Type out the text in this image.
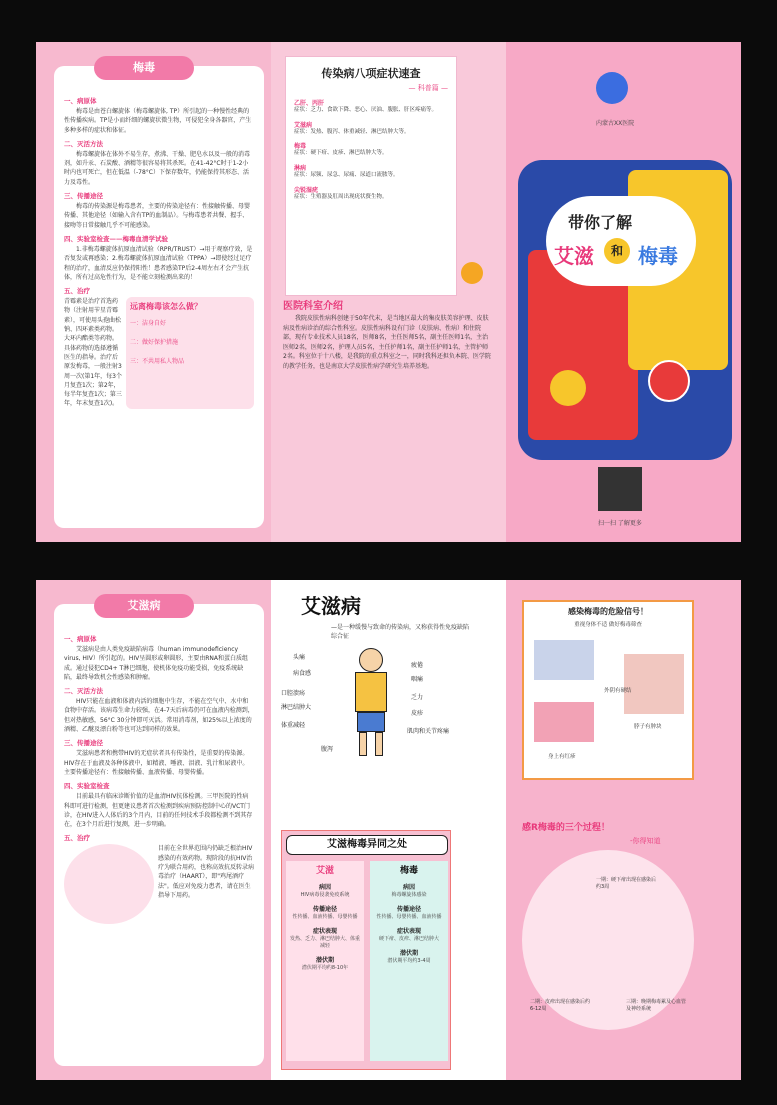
梅毒
一、病原体
梅毒是由苍白螺旋体（梅毒螺旋体, TP）所引起的一种慢性经典的性传播疾病。TP是小而纤细的螺旋状微生物，可侵犯全身各器官，产生多种多样的症状和体征。
二、灭活方法
梅毒螺旋体在体外不易生存，煮沸、干燥、肥皂水以及一般的消毒剂，如升汞、石炭酸、酒精等很容易将其杀死。在41-42°C时于1-2小时内也可死亡，但在低温（-78°C）下保存数年，仍能保持其形态、活力及毒性。
三、传播途径
梅毒的传染源是梅毒患者，主要的传染途径有：性接触传播、母婴传播、其他途径（如输入含有TP的血制品）。与梅毒患者共餐、握手、接吻等日常接触几乎不可能感染。
四、实验室检查——梅毒血清学试验
1.非梅毒螺旋体抗原血清试验（RPR/TRUST）→用于观察疗效，是否复发或再感染；2.梅毒螺旋体抗原血清试验（TPPA）→即使经过足疗程的治疗，血清反应仍保持阳性！患者感染TP后2-4周左右才会产生抗体，所有过高危性行为，是不能立刻检测出来的！
五、治疗
青霉素是治疗首选药物（注射用苄星青霉素），可使用头孢曲松钠、四环素类药物。大环内酯类等药物。具体药物的选择遵循医生的指导。治疗后原发梅毒，一般注射3周一次(第1年，每3个月复查1次；第2年，每半年复查1次；第三年，年末复查1次)。
远离梅毒该怎么做？
一：洁身自好
二：做好保护措施
三：不共用私人物品
传染病八项症状速查
— 科普篇 —
乙肝、丙肝
症状：乏力、食欲下降、恶心、厌油、腹胀、肝区疼痛等。
艾滋病
症状：发热、腹泻、体重减轻、淋巴结肿大等。
梅毒
症状：硬下疳、皮疹、淋巴结肿大等。
淋病
症状：尿频、尿急、尿痛、尿道口流脓等。
尖锐湿疣
症状：生殖器及肛周出现疣状赘生物。
医院科室介绍
我院皮肤性病科创建于50年代末，是当地区最大的集皮肤美容护理、皮肤病及性病诊治的综合性科室。皮肤性病科设有门诊（皮肤病、性病）和住院部，现有专业技术人员18名，医师8名，主任医师5名，副主任医师1名，主治医师2名，医师2名，护理人员5名，主任护师1名，副主任护师1名，主管护师2名。科室位于十八楼，是我院的重点科室之一，同时我科还担负本院、医学院的教学任务，也是南京大学皮肤性病学研究生培养基地。
内蒙古XX医院
带你了解
艾滋	和 梅毒
扫一扫 了解更多
艾滋病
一、病原体
艾滋病是由人类免疫缺陷病毒（human immunodeficiency virus, HIV）所引起的。HIV呈圆形或卵圆形，主要由RNA和蛋白质组成。通过侵犯CD4+ T淋巴细胞，使机体免疫功能受损，免疫系统缺陷，最终导致机会性感染和肿瘤。
二、灭活方法
HIV只能在血液和体液内活的细胞中生存，不能在空气中、水中和食物中存活。该病毒生命力较强，在4-7天后病毒仍可在血液内检测到，但对热敏感，56°C 30分钟即可灭活。常用消毒剂，如25%以上浓度的酒精、乙醚及漂白粉等也可达到同样的效果。
三、传播途径
艾滋病患者和携带HIV的无症状者具有传染性，是重要的传染源。HIV存在于血液及各种体液中，如精液、唾液、泪液、乳汁和尿液中。主要传播途径有：性接触传播、血液传播、母婴传播。
四、实验室检查
目前最具有临床诊断价值的是血清HIV抗体检测。三甲医院的性病科即可进行检测，但更建议患者首次检测到疾病预防控制中心的VCT门诊，在HIV进入人体后的3个月内，目前的任何技术手段都检测不到其存在，在3个月后进行复测，进一步明确。
五、治疗
目前在全世界范围内仍缺乏根治HIV感染的有效药物。现阶段的抗HIV治疗为联合用药，也称高效抗反转录病毒治疗（HAART），即"鸡尾酒疗法"。低应对免疫力患者，请在医生指导下用药。
艾滋病
—是一种缓慢与致命的传染病，又称获得性免疫缺陷综合征
头痛
疲倦
病食感
咽痛
口腔溃疡
乏力
淋巴结肿大
体重减轻
腹泻
肌肉和关节疼痛
皮疹
艾滋梅毒异同之处
艾滋
病因
HIV病毒侵袭免疫系统
传播途径
性传播、血液传播、母婴传播
症状表现
发热、乏力、淋巴结肿大、体重减轻
潜伏期
潜伏期平均约8-10年
梅毒
病因
梅毒螺旋体感染
传播途径
性传播、母婴传播、血液传播
症状表现
硬下疳、皮疹、淋巴结肿大
潜伏期
潜伏期平均约3-4周
感染梅毒的危险信号！
重视身体不适 做好梅毒筛查
外阴有硬结
脖子有肿块
身上有红疹
感R梅毒的三个过程！
-你得知道
一期：硬下疳出现在感染后约3周
二期：皮疹出现在感染后约6-12周
三期：晚期梅毒累及心血管及神经系统
